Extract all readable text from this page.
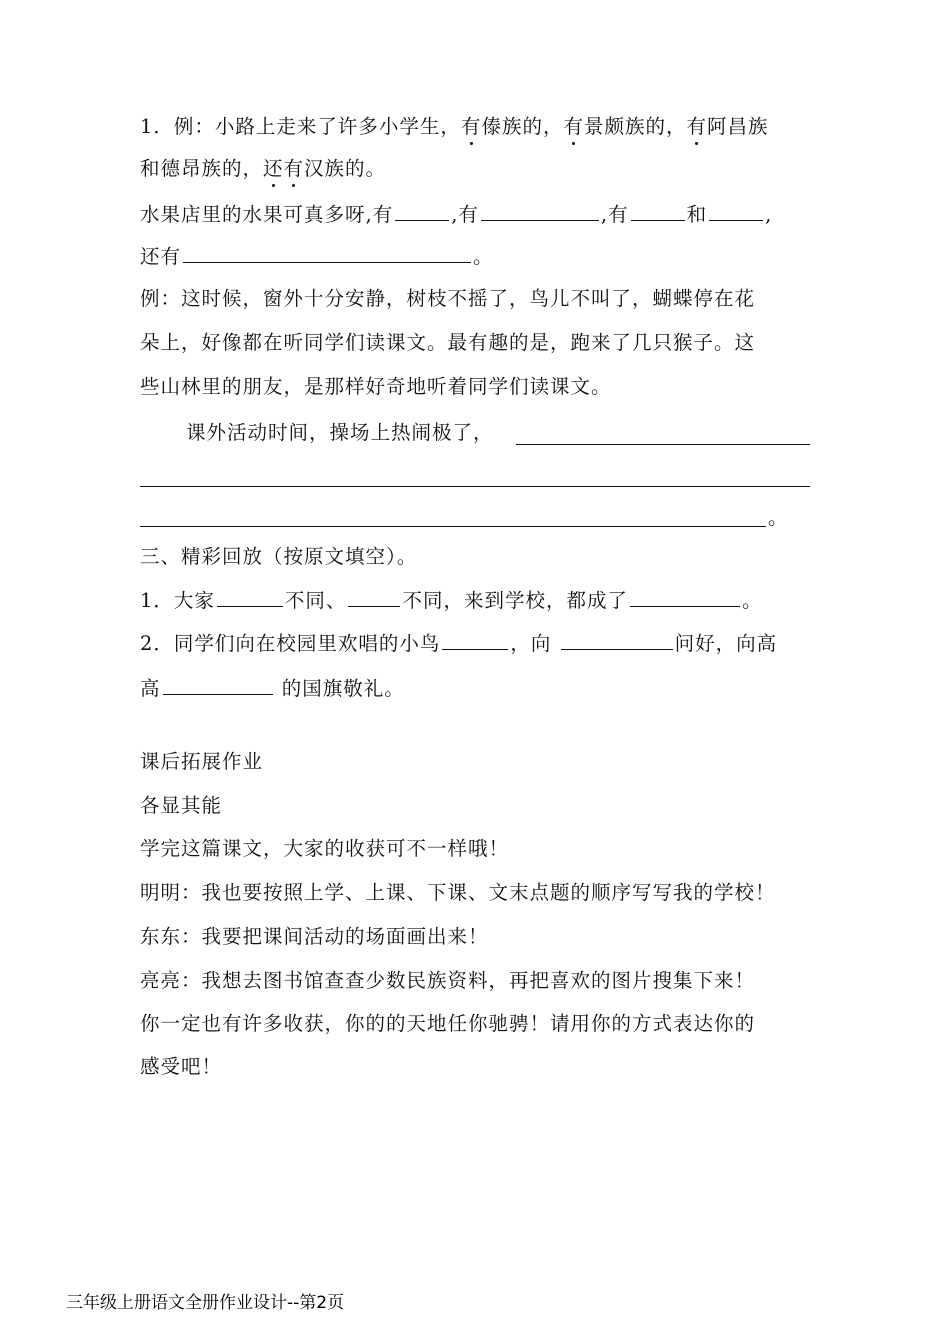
1．例：小路上走来了许多小学生，有傣族的，有景颇族的，有阿昌族
和德昂族的，还有汉族的。
水果店里的水果可真多呀,有	,有	,有	和	,
还有	。
例：这时候，窗外十分安静，树枝不摇了，鸟儿不叫了，蝴蝶停在花
朵上，好像都在听同学们读课文。最有趣的是，跑来了几只猴子。这
些山林里的朋友，是那样好奇地听着同学们读课文。
课外活动时间，操场上热闹极了，
。
三、精彩回放（按原文填空）。
1．大家	不同、	不同，来到学校，都成了	。
2．同学们向在校园里欢唱的小鸟	，向	问好，向高
高	的国旗敬礼。
课后拓展作业
各显其能
学完这篇课文，大家的收获可不一样哦！
明明：我也要按照上学、上课、下课、文末点题的顺序写写我的学校！
东东：我要把课间活动的场面画出来！
亮亮：我想去图书馆查查少数民族资料，再把喜欢的图片搜集下来！
你一定也有许多收获，你的的天地任你驰骋！请用你的方式表达你的
感受吧！
三年级上册语文全册作业设计--第2页
